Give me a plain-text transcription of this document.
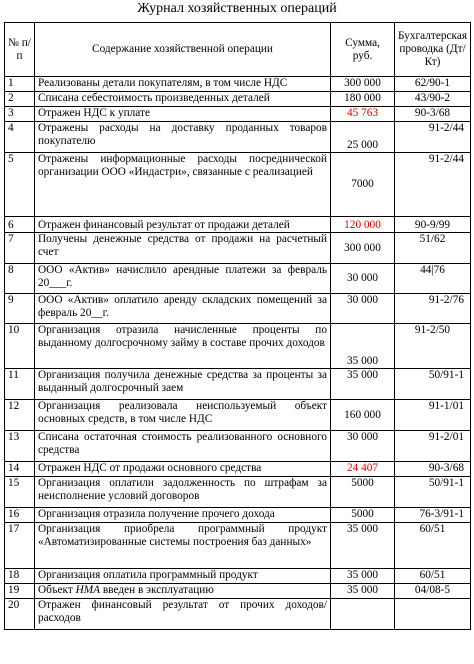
Журнал хозяйственных операций
№ п/п	Содержание хозяйственной операции	Сумма, руб.	Бухгалтерская проводка (Дт/Кт)
1	Реализованы детали покупателям, в том числе НДС	300 000	62/90-1
2	Списана себестоимость произведенных деталей	180 000	43/90-2
3	Отражен НДС к уплате	45 763	90-3/68
4	Отражены расходы на доставку проданных товаров покупателю	25 000	91-2/44
5	Отражены информационные расходы посреднической организации ООО «Индастри», связанные с реализацией	7000	91-2/44
6	Отражен финансовый результат от продажи деталей	120 000	90-9/99
7	Получены денежные средства от продажи на расчетный счет	300 000	51/62
8	ООО «Актив» начислило арендные платежи за февраль 20___г.	30 000	44|76
9	ООО «Актив» оплатило аренду складских помещений за февраль 20__г.	30 000	91-2/76
10	Организация отразила начисленные проценты по выданному долгосрочному займу в составе прочих доходов	35 000	91-2/50
11	Организация получила денежные средства за проценты за выданный долгосрочный заем	35 000	50/91-1
12	Организация реализовала неиспользуемый объект основных средств, в том числе НДС	160 000	91-1/01
13	Списана остаточная стоимость реализованного основного средства	30 000	91-2/01
14	Отражен НДС от продажи основного средства	24 407	90-3/68
15	Организация оплатили задолженность по штрафам за неисполнение условий договоров	5000	50/91-1
16	Организация отразила получение прочего дохода	5000	76-3/91-1
17	Организация приобрела программный продукт «Автоматизированные системы построения баз данных»	35 000	60/51
18	Организация оплатила программный продукт	35 000	60/51
19	Объект НМА введен в эксплуатацию	35 000	04/08-5
20	Отражен финансовый результат от прочих доходов/расходов		
